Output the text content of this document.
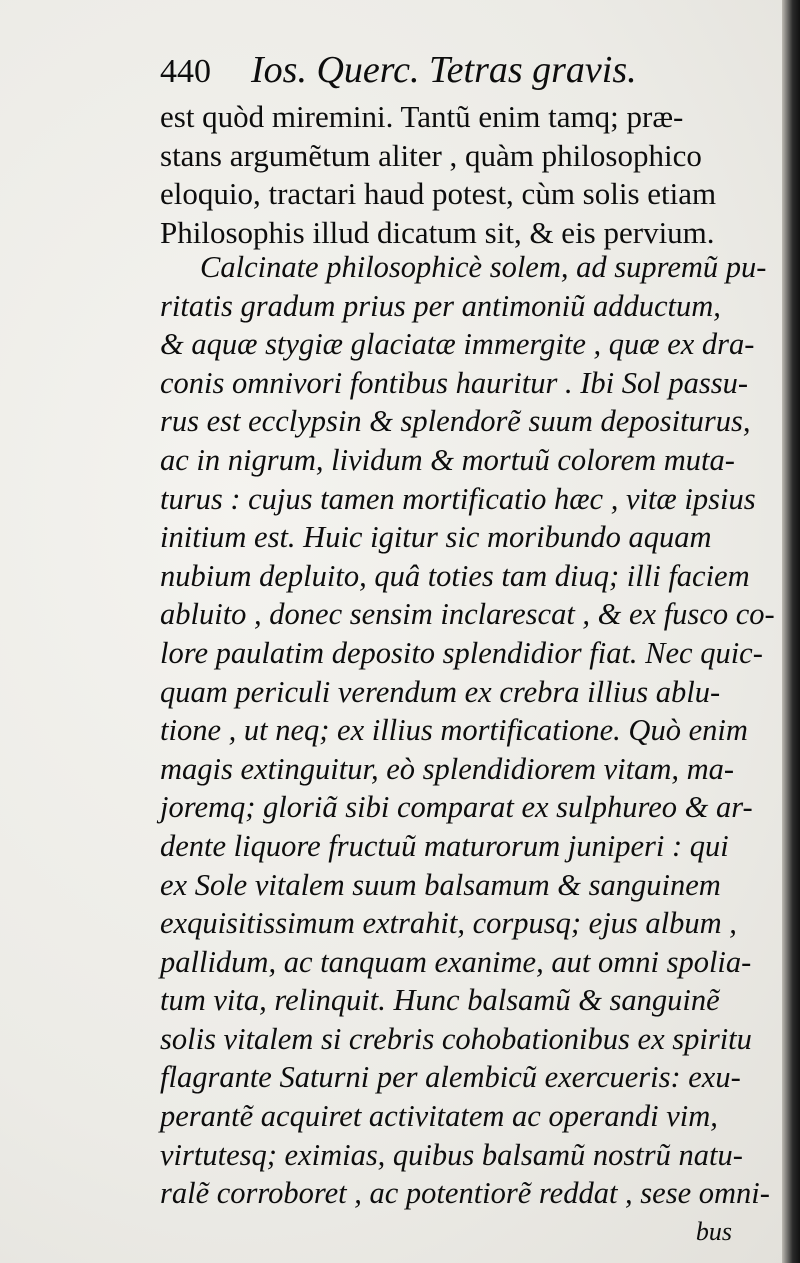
440 Ios. Querc. Tetras gravis.
est quòd miremini. Tantũ enim tamq; præ-
stans argumẽtum aliter , quàm philosophico
eloquio, tractari haud potest, cùm solis etiam
Philosophis illud dicatum sit, & eis pervium.
Calcinate philosophicè solem, ad supremũ pu-
ritatis gradum prius per antimoniũ adductum,
& aquæ stygiæ glaciatæ immergite , quæ ex dra-
conis omnivori fontibus hauritur . Ibi Sol passu-
rus est ecclypsin & splendorẽ suum depositurus,
ac in nigrum, lividum & mortuũ colorem muta-
turus : cujus tamen mortificatio hæc , vitæ ipsius
initium est. Huic igitur sic moribundo aquam
nubium depluito, quâ toties tam diuq; illi faciem
abluito , donec sensim inclarescat , & ex fusco co-
lore paulatim deposito splendidior fiat. Nec quic-
quam periculi verendum ex crebra illius ablu-
tione , ut neq; ex illius mortificatione. Quò enim
magis extinguitur, eò splendidiorem vitam, ma-
joremq; gloriã sibi comparat ex sulphureo & ar-
dente liquore fructuũ maturorum juniperi : qui
ex Sole vitalem suum balsamum & sanguinem
exquisitissimum extrahit, corpusq; ejus album ,
pallidum, ac tanquam exanime, aut omni spolia-
tum vita, relinquit. Hunc balsamũ & sanguinẽ
solis vitalem si crebris cohobationibus ex spiritu
flagrante Saturni per alembicũ exercueris: exu-
perantẽ acquiret activitatem ac operandi vim,
virtutesq; eximias, quibus balsamũ nostrũ natu-
ralẽ corroboret , ac potentiorẽ reddat , sese omni-
bus
